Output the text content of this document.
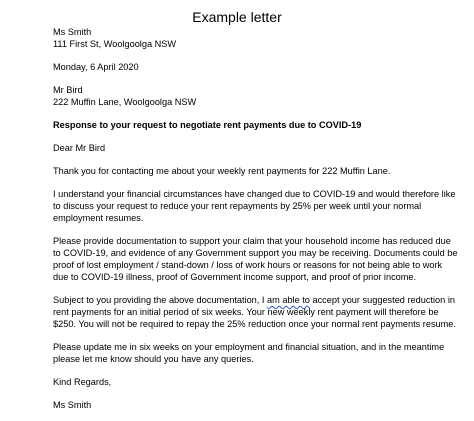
Example letter
Ms Smith
111 First St, Woolgoolga NSW
Monday, 6 April 2020
Mr Bird
222 Muffin Lane, Woolgoolga NSW
Response to your request to negotiate rent payments due to COVID-19
Dear Mr Bird
Thank you for contacting me about your weekly rent payments for 222 Muffin Lane.
I understand your financial circumstances have changed due to COVID-19 and would therefore like
to discuss your request to reduce your rent repayments by 25% per week until your normal
employment resumes.
Please provide documentation to support your claim that your household income has reduced due
to COVID-19, and evidence of any Government support you may be receiving. Documents could be
proof of lost employment / stand-down / loss of work hours or reasons for not being able to work
due to COVID-19 illness, proof of Government income support, and proof of prior income.
Subject to you providing the above documentation, I am able to accept your suggested reduction in
rent payments for an initial period of six weeks. Your new weekly rent payment will therefore be
$250. You will not be required to repay the 25% reduction once your normal rent payments resume.
Please update me in six weeks on your employment and financial situation, and in the meantime
please let me know should you have any queries.
Kind Regards,
Ms Smith
